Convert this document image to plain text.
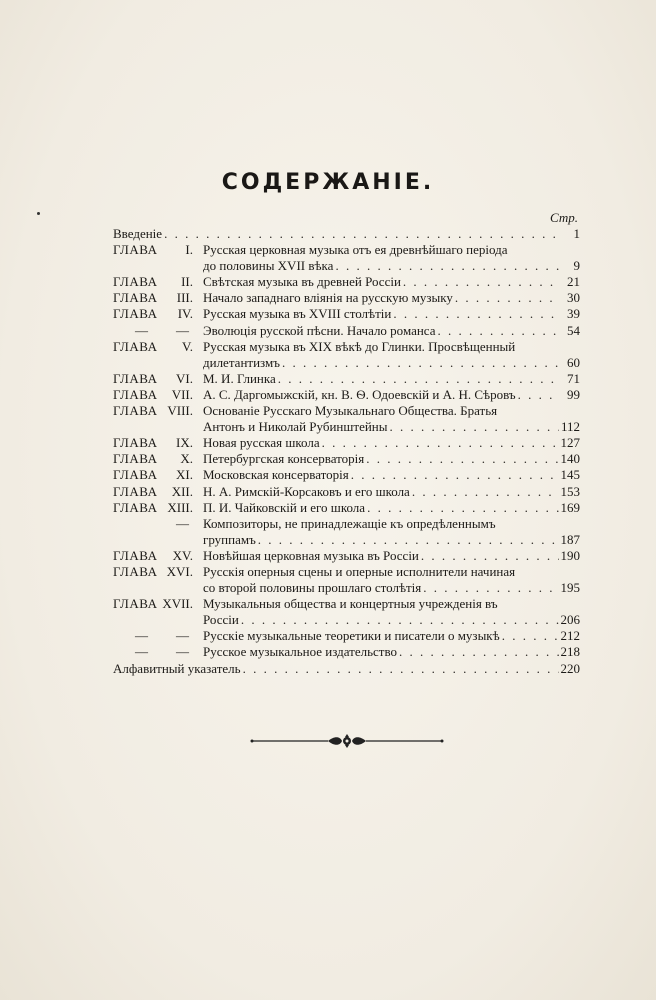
СОДЕРЖАНІЕ.
Стр.
Введеніе . . .	1
ГЛАВА I. Русская церковная музыка отъ ея древнѣйшаго періода
до половины XVII вѣка . . .	9
ГЛАВА II. Свѣтская музыка въ древней Россіи . . .	21
ГЛАВА III. Начало западнаго вліянія на русскую музыку . . .	30
ГЛАВА IV. Русская музыка въ XVIII столѣтіи . . .	39
— — Эволюція русской пѣсни. Начало романса . . .	54
ГЛАВА V. Русская музыка въ XIX вѣкѣ до Глинки. Просвѣщенный
дилетантизмъ . . .	60
ГЛАВА VI. М. И. Глинка . . .	71
ГЛАВА VII. А. С. Даргомыжскій, кн. В. Ѳ. Одоевскій и А. Н. Сѣровъ . . .	99
ГЛАВА VIII. Основаніе Русскаго Музыкальнаго Общества. Братья
Антонъ и Николай Рубинштейны . . .	112
ГЛАВА IX. Новая русская школа . . .	127
ГЛАВА X. Петербургская консерваторія . . .	140
ГЛАВА XI. Московская консерваторія . . .	145
ГЛАВА XII. Н. А. Римскій-Корсаковъ и его школа . . .	153
ГЛАВА XIII. П. И. Чайковскій и его школа . . .	169
— Композиторы, не принадлежащіе къ опредѣленнымъ
группамъ . . .	187
ГЛАВА XV. Новѣйшая церковная музыка въ Россіи . . .	190
ГЛАВА XVI. Русскія оперныя сцены и оперные исполнители начиная
со второй половины прошлаго столѣтія . . .	195
ГЛАВА XVII. Музыкальныя общества и концертныя учрежденія въ
Россіи . . .	206
— — Русскіе музыкальные теоретики и писатели о музыкѣ . . .	212
— — Русское музыкальное издательство . . .	218
Алфавитный указатель . . .	220
